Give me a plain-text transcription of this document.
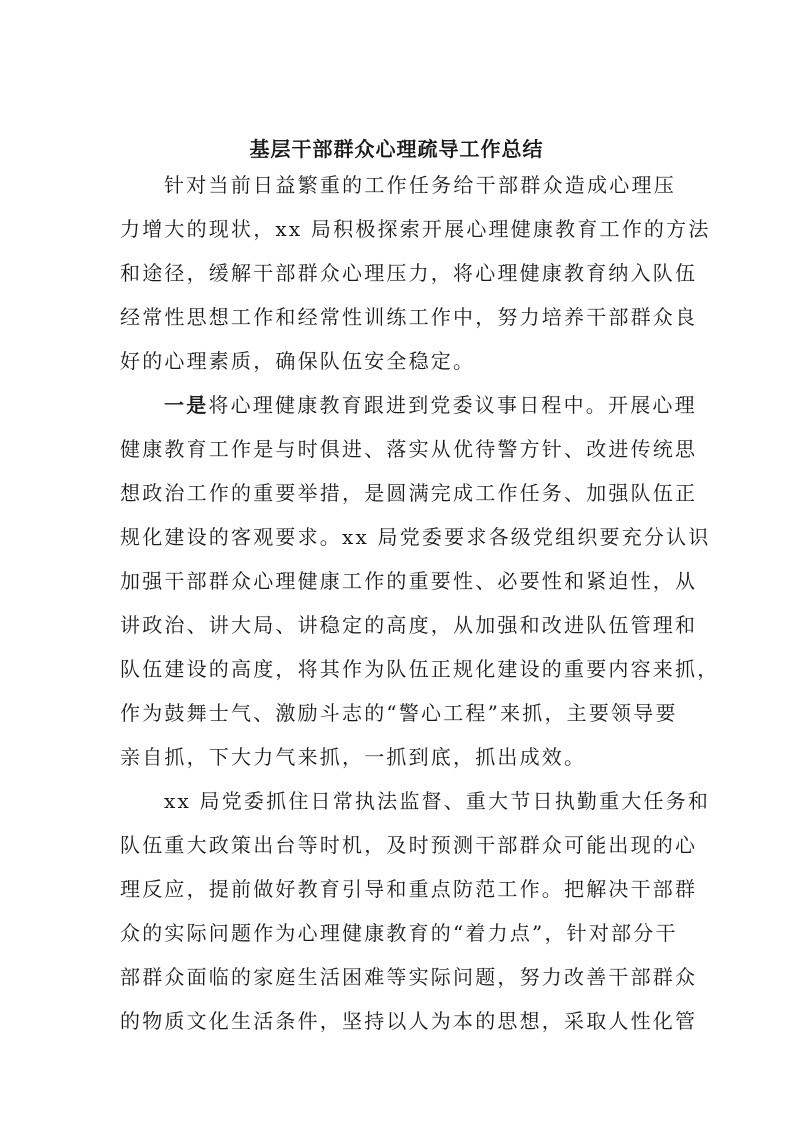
基层干部群众心理疏导工作总结
针对当前日益繁重的工作任务给干部群众造成心理压
力增大的现状，xx 局积极探索开展心理健康教育工作的方法
和途径，缓解干部群众心理压力，将心理健康教育纳入队伍
经常性思想工作和经常性训练工作中，努力培养干部群众良
好的心理素质，确保队伍安全稳定。
一是将心理健康教育跟进到党委议事日程中。开展心理
健康教育工作是与时俱进、落实从优待警方针、改进传统思
想政治工作的重要举措，是圆满完成工作任务、加强队伍正
规化建设的客观要求。xx 局党委要求各级党组织要充分认识
加强干部群众心理健康工作的重要性、必要性和紧迫性，从
讲政治、讲大局、讲稳定的高度，从加强和改进队伍管理和
队伍建设的高度，将其作为队伍正规化建设的重要内容来抓，
作为鼓舞士气、激励斗志的“警心工程”来抓，主要领导要
亲自抓，下大力气来抓，一抓到底，抓出成效。
xx 局党委抓住日常执法监督、重大节日执勤重大任务和
队伍重大政策出台等时机，及时预测干部群众可能出现的心
理反应，提前做好教育引导和重点防范工作。把解决干部群
众的实际问题作为心理健康教育的“着力点”，针对部分干
部群众面临的家庭生活困难等实际问题，努力改善干部群众
的物质文化生活条件，坚持以人为本的思想，采取人性化管
